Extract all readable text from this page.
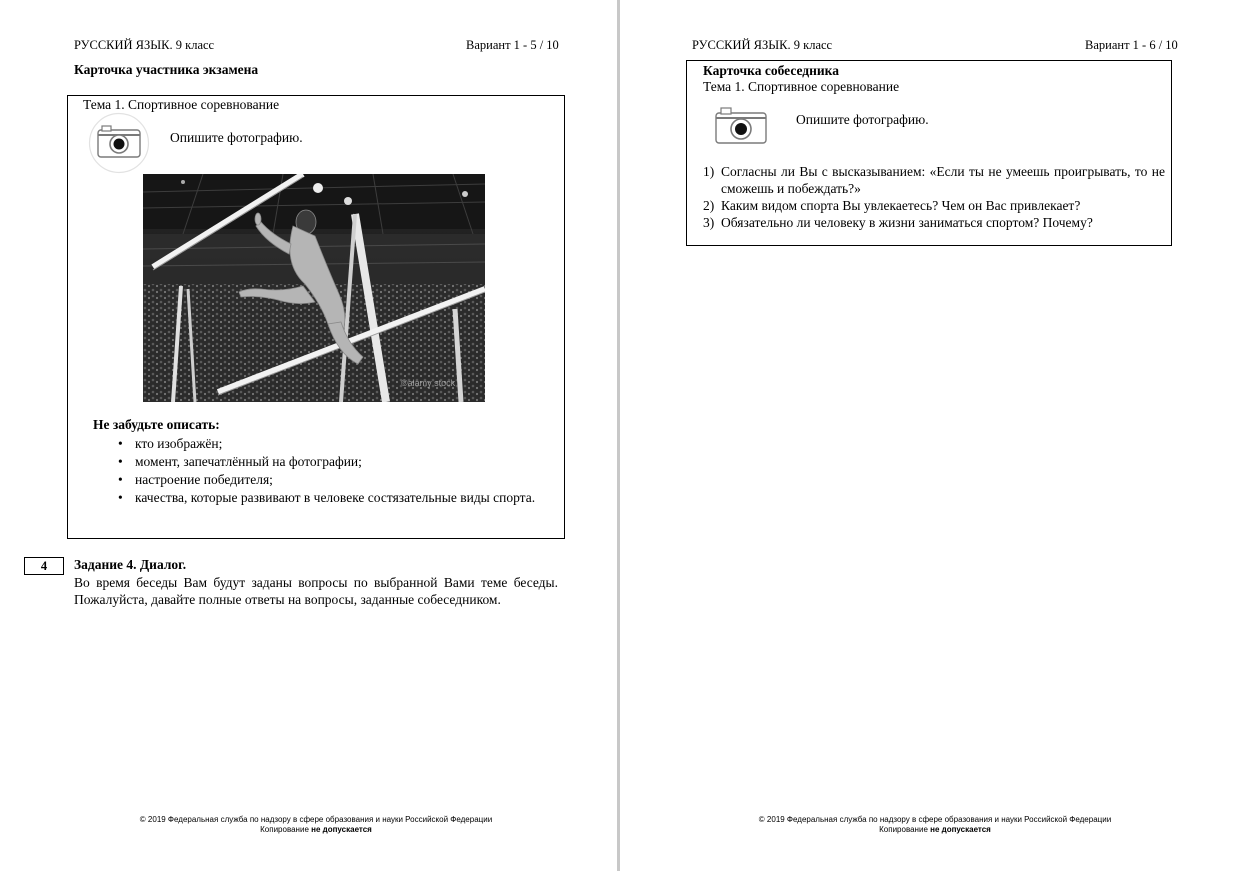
РУССКИЙ ЯЗЫК. 9 класс	Вариант 1 - 5 / 10
Карточка участника экзамена
Тема 1. Спортивное соревнование
Опишите фотографию.
©alamy stock
Не забудьте описать:
• кто изображён;
• момент, запечатлённый на фотографии;
• настроение победителя;
• качества, которые развивают в человеке состязательные виды спорта.
4	Задание 4. Диалог.
Во время беседы Вам будут заданы вопросы по выбранной Вами теме беседы. Пожалуйста, давайте полные ответы на вопросы, заданные собеседником.
© 2019 Федеральная служба по надзору в сфере образования и науки Российской Федерации
Копирование не допускается
РУССКИЙ ЯЗЫК. 9 класс	Вариант 1 - 6 / 10
Карточка собеседника
Тема 1. Спортивное соревнование
Опишите фотографию.
1) Согласны ли Вы с высказыванием: «Если ты не умеешь проигрывать, то не сможешь и побеждать?»
2) Каким видом спорта Вы увлекаетесь? Чем он Вас привлекает?
3) Обязательно ли человеку в жизни заниматься спортом? Почему?
© 2019 Федеральная служба по надзору в сфере образования и науки Российской Федерации
Копирование не допускается
